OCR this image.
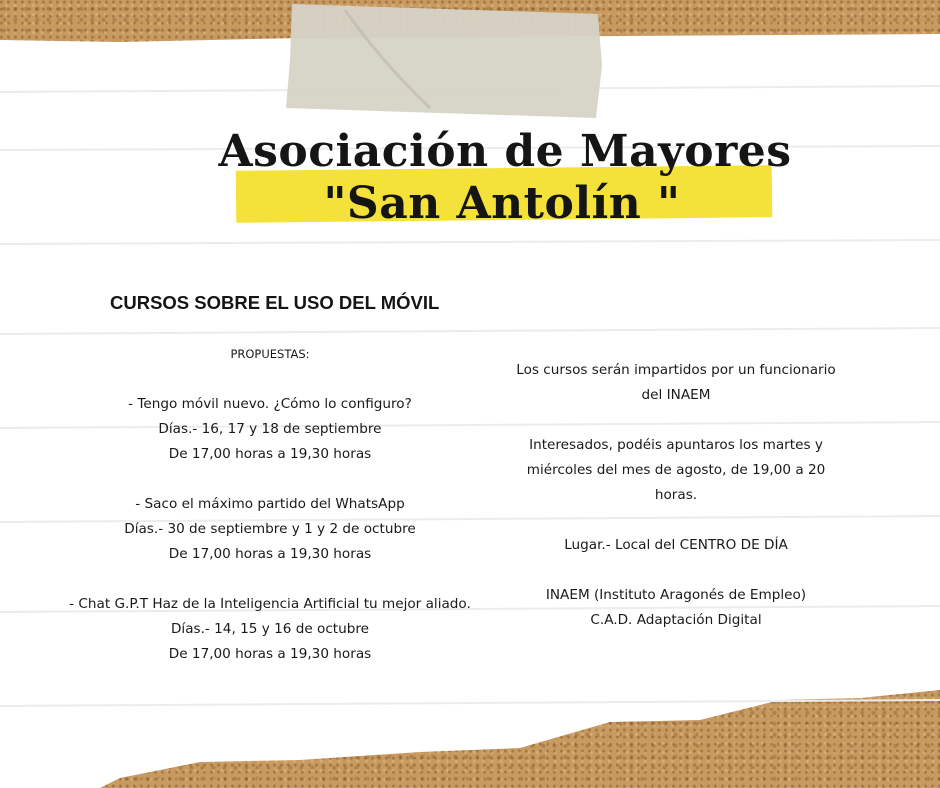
Asociación de Mayores
"San Antolín "
CURSOS SOBRE EL USO DEL MÓVIL
PROPUESTAS:
- Tengo móvil nuevo. ¿Cómo lo configuro?
Días.- 16, 17 y 18 de septiembre
De 17,00 horas a 19,30 horas
- Saco el máximo partido del WhatsApp
Días.- 30 de septiembre y 1 y 2 de octubre
De 17,00 horas a 19,30 horas
- Chat G.P.T Haz de la Inteligencia Artificial tu mejor aliado.
Días.- 14, 15 y 16 de octubre
De 17,00 horas a 19,30 horas
Los cursos serán impartidos por un funcionario
del INAEM
Interesados, podéis apuntaros los martes y
miércoles del mes de agosto, de 19,00 a 20
horas.
Lugar.- Local del CENTRO DE DÍA
INAEM (Instituto Aragonés de Empleo)
C.A.D. Adaptación Digital
